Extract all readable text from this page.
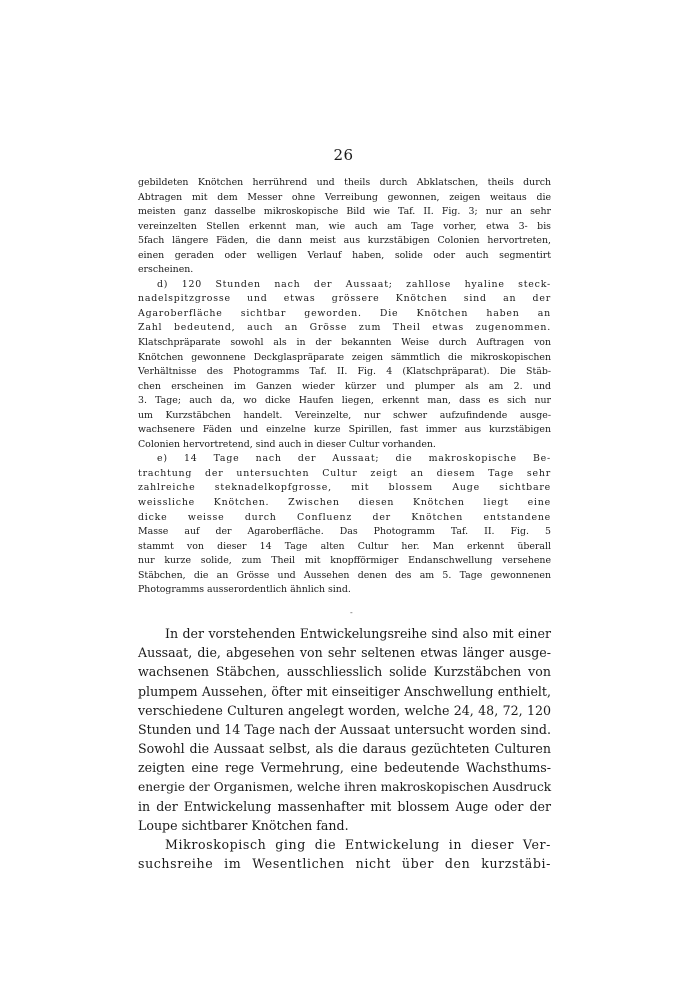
26
gebildeten Knötchen herrührend und theils durch Abklatschen, theils durch
Abtragen mit dem Messer ohne Verreibung gewonnen, zeigen weitaus die
meisten ganz dasselbe mikroskopische Bild wie Taf. II. Fig. 3; nur an sehr
vereinzelten Stellen erkennt man, wie auch am Tage vorher, etwa 3- bis
5fach längere Fäden, die dann meist aus kurzstäbigen Colonien hervortreten,
einen geraden oder welligen Verlauf haben, solide oder auch segmentirt
erscheinen.
d) 120 Stunden nach der Aussaat; zahllose hyaline steck-
nadelspitzgrosse und etwas grössere Knötchen sind an der
Agaroberfläche sichtbar geworden. Die Knötchen haben an
Zahl bedeutend, auch an Grösse zum Theil etwas zugenommen.
Klatschpräparate sowohl als in der bekannten Weise durch Auftragen von
Knötchen gewonnene Deckglaspräparate zeigen sämmtlich die mikroskopischen
Verhältnisse des Photogramms Taf. II. Fig. 4 (Klatschpräparat). Die Stäb-
chen erscheinen im Ganzen wieder kürzer und plumper als am 2. und
3. Tage; auch da, wo dicke Haufen liegen, erkennt man, dass es sich nur
um Kurzstäbchen handelt. Vereinzelte, nur schwer aufzufindende ausge-
wachsenere Fäden und einzelne kurze Spirillen, fast immer aus kurzstäbigen
Colonien hervortretend, sind auch in dieser Cultur vorhanden.
e) 14 Tage nach der Aussaat; die makroskopische Be-
trachtung der untersuchten Cultur zeigt an diesem Tage sehr
zahlreiche steknadelkopfgrosse, mit blossem Auge sichtbare
weissliche Knötchen. Zwischen diesen Knötchen liegt eine
dicke weisse durch Confluenz der Knötchen entstandene
Masse auf der Agaroberfläche. Das Photogramm Taf. II. Fig. 5
stammt von dieser 14 Tage alten Cultur her. Man erkennt überall
nur kurze solide, zum Theil mit knopfförmiger Endanschwellung versehene
Stäbchen, die an Grösse und Aussehen denen des am 5. Tage gewonnenen
Photogramms ausserordentlich ähnlich sind.
-
In der vorstehenden Entwickelungsreihe sind also mit einer
Aussaat, die, abgesehen von sehr seltenen etwas länger ausge-
wachsenen Stäbchen, ausschliesslich solide Kurzstäbchen von
plumpem Aussehen, öfter mit einseitiger Anschwellung enthielt,
verschiedene Culturen angelegt worden, welche 24, 48, 72, 120
Stunden und 14 Tage nach der Aussaat untersucht worden sind.
Sowohl die Aussaat selbst, als die daraus gezüchteten Culturen
zeigten eine rege Vermehrung, eine bedeutende Wachsthums-
energie der Organismen, welche ihren makroskopischen Ausdruck
in der Entwickelung massenhafter mit blossem Auge oder der
Loupe sichtbarer Knötchen fand.
Mikroskopisch ging die Entwickelung in dieser Ver-
suchsreihe im Wesentlichen nicht über den kurzstäbi-
